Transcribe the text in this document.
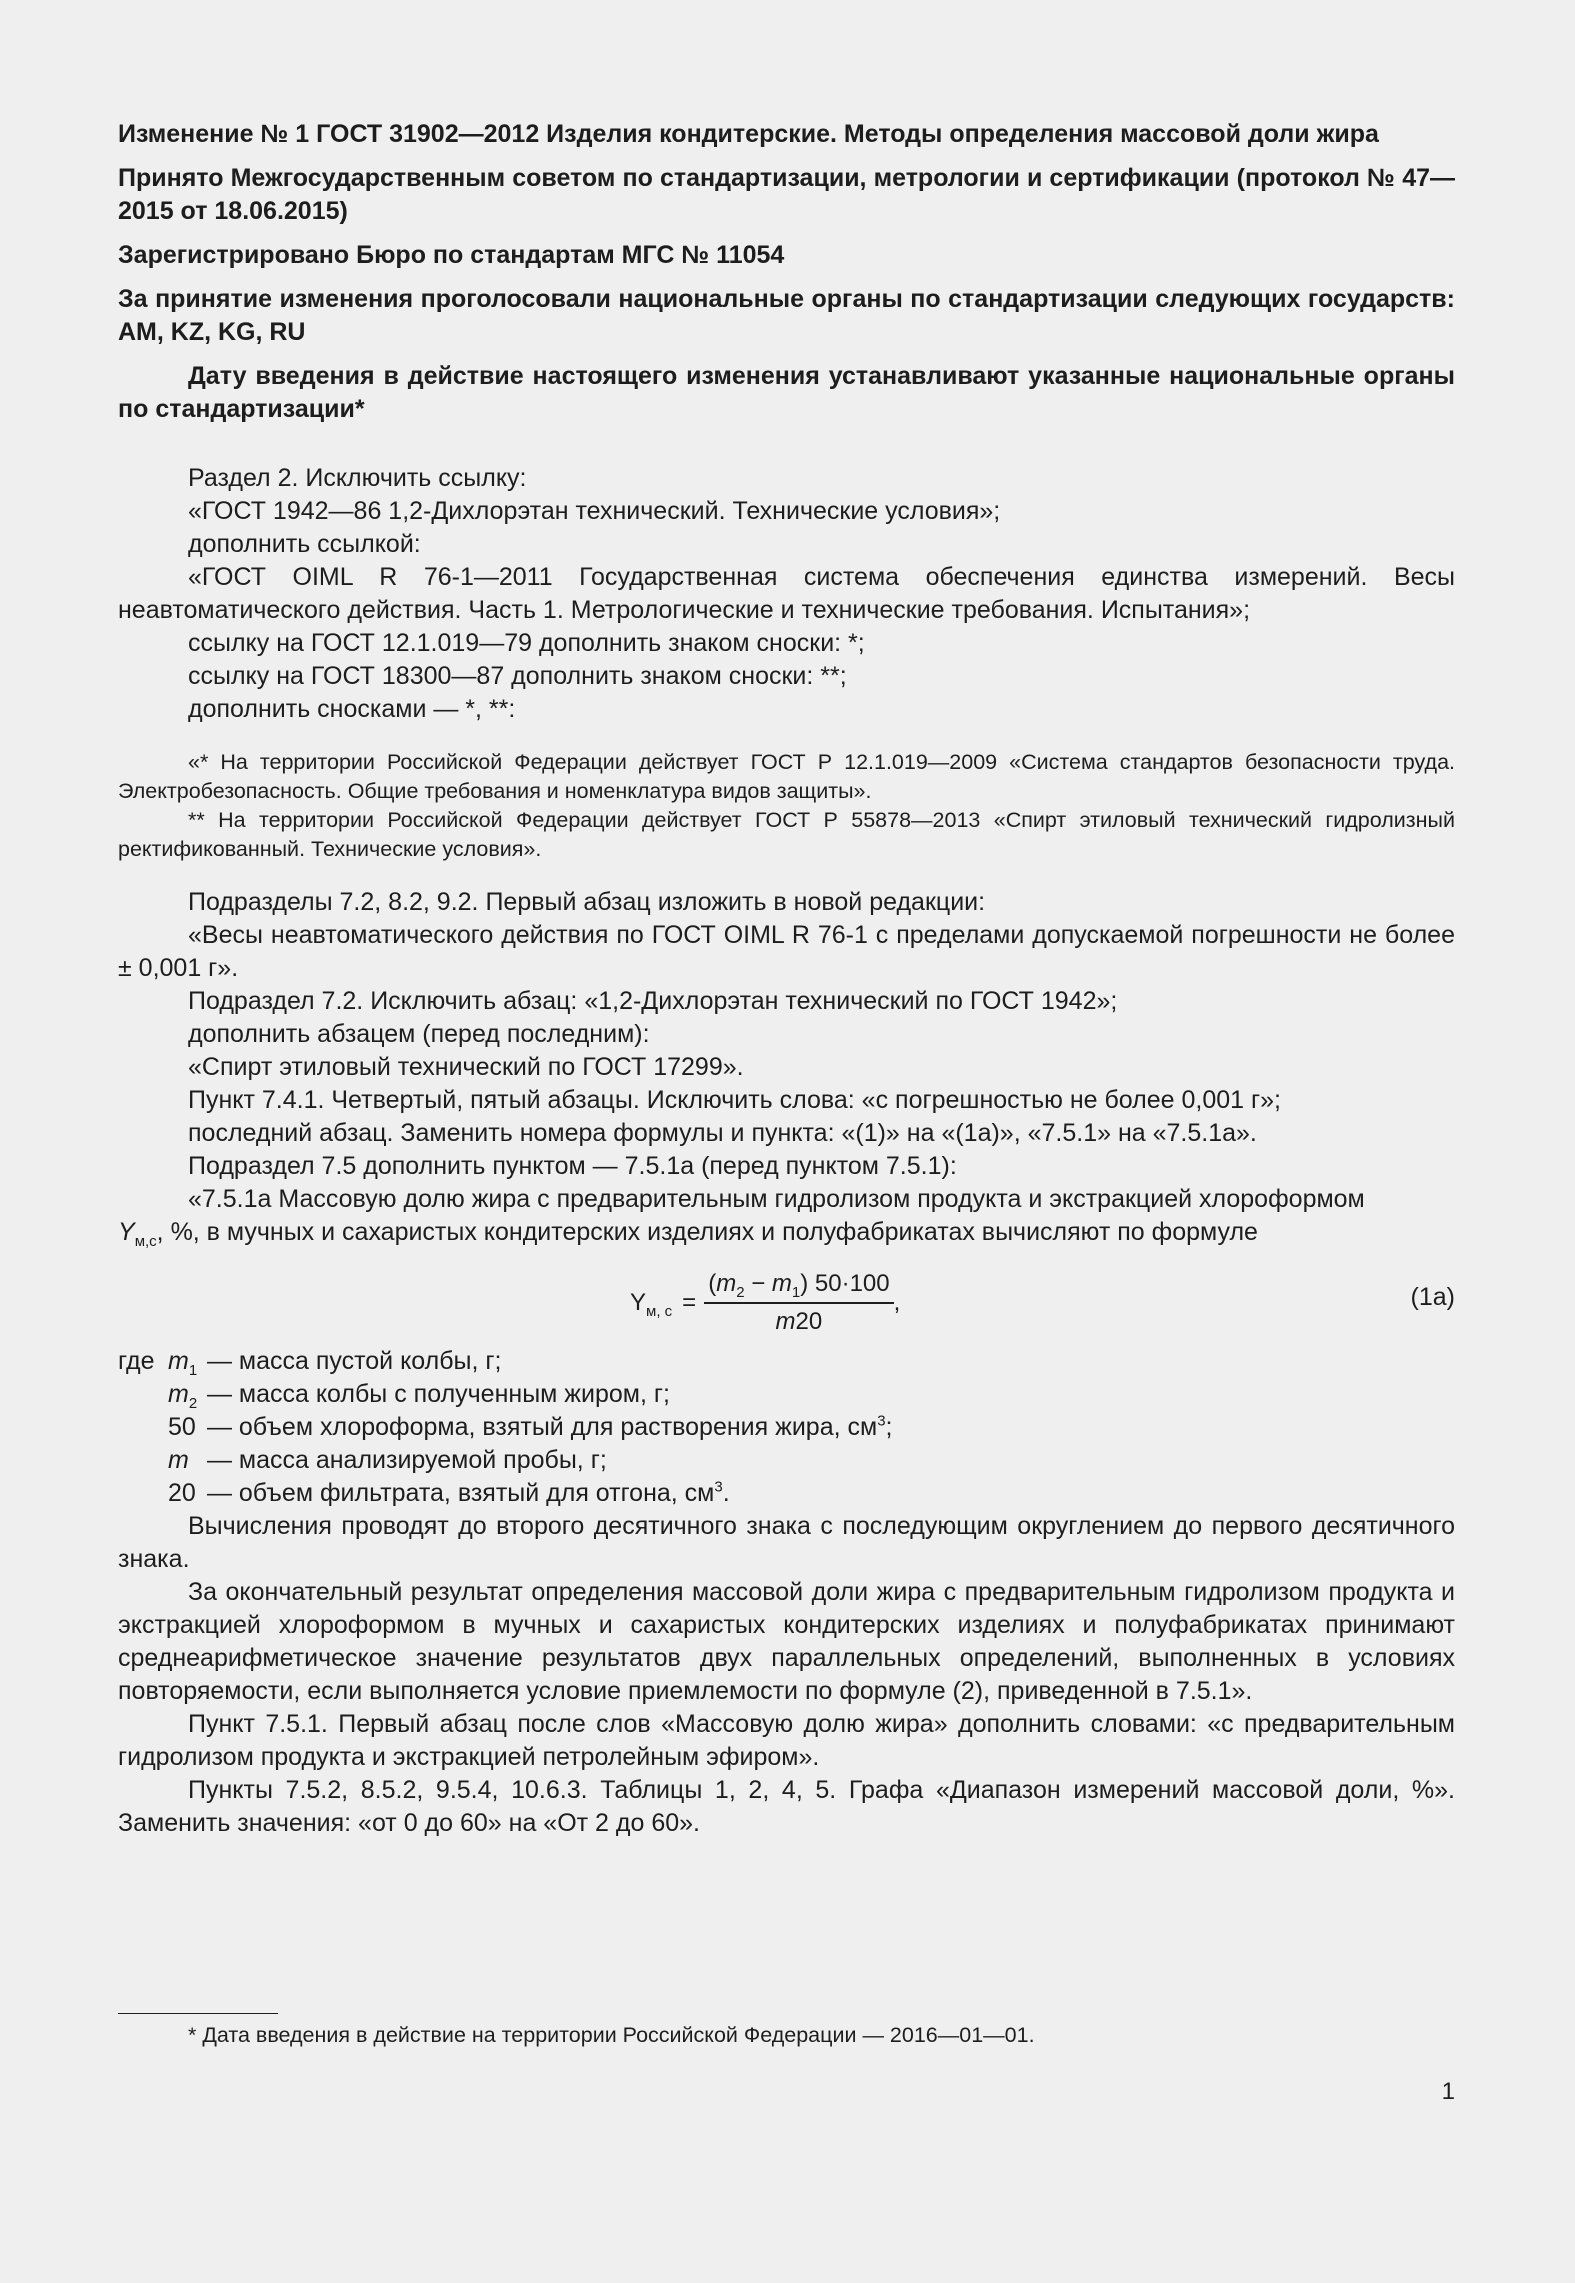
Изменение № 1 ГОСТ 31902—2012 Изделия кондитерские. Методы определения массовой доли жира

Принято Межгосударственным советом по стандартизации, метрологии и сертификации (протокол № 47—2015 от 18.06.2015)

Зарегистрировано Бюро по стандартам МГС № 11054

За принятие изменения проголосовали национальные органы по стандартизации следующих государств: AM, KZ, KG, RU

Дату введения в действие настоящего изменения устанавливают указанные национальные органы по стандартизации*

Раздел 2. Исключить ссылку:

«ГОСТ 1942—86 1,2-Дихлорэтан технический. Технические условия»;

дополнить ссылкой:

«ГОСТ OIML R 76-1—2011 Государственная система обеспечения единства измерений. Весы неавтоматического действия. Часть 1. Метрологические и технические требования. Испытания»;

ссылку на ГОСТ 12.1.019—79 дополнить знаком сноски: *;

ссылку на ГОСТ 18300—87 дополнить знаком сноски: **;

дополнить сносками — *, **:

«* На территории Российской Федерации действует ГОСТ Р 12.1.019—2009 «Система стандартов безопасности труда. Электробезопасность. Общие требования и номенклатура видов защиты».

** На территории Российской Федерации действует ГОСТ Р 55878—2013 «Спирт этиловый технический гидролизный ректификованный. Технические условия».

Подразделы 7.2, 8.2, 9.2. Первый абзац изложить в новой редакции:

«Весы неавтоматического действия по ГОСТ OIML R 76-1 с пределами допускаемой погрешности не более ± 0,001 г».

Подраздел 7.2. Исключить абзац: «1,2-Дихлорэтан технический по ГОСТ 1942»;

дополнить абзацем (перед последним):

«Спирт этиловый технический по ГОСТ 17299».

Пункт 7.4.1. Четвертый, пятый абзацы. Исключить слова: «с погрешностью не более 0,001 г»;

последний абзац. Заменить номера формулы и пункта: «(1)» на «(1а)», «7.5.1» на «7.5.1а».

Подраздел 7.5 дополнить пунктом — 7.5.1а (перед пунктом 7.5.1):

«7.5.1а Массовую долю жира с предварительным гидролизом продукта и экстракцией хлороформом

$Y_{м,с}$, %, в мучных и сахаристых кондитерских изделиях и полуфабрикатах вычисляют по формуле

$Y_{м, с} = \frac{(m_2 - m_1) 50\cdot 100}{m20}$ ,	(1а)
где $m_1$ — масса пустой колбы, г;
$m_2$ — масса колбы с полученным жиром, г;
50 — объем хлороформа, взятый для растворения жира, $см^3$;
m — масса анализируемой пробы, г;
20 — объем фильтрата, взятый для отгона, $см^3$.

Вычисления проводят до второго десятичного знака с последующим округлением до первого десятичного знака.

За окончательный результат определения массовой доли жира с предварительным гидролизом продукта и экстракцией хлороформом в мучных и сахаристых кондитерских изделиях и полуфабрикатах принимают среднеарифметическое значение результатов двух параллельных определений, выполненных в условиях повторяемости, если выполняется условие приемлемости по формуле (2), приведенной в 7.5.1».

Пункт 7.5.1. Первый абзац после слов «Массовую долю жира» дополнить словами: «с предварительным гидролизом продукта и экстракцией петролейным эфиром».

Пункты 7.5.2, 8.5.2, 9.5.4, 10.6.3. Таблицы 1, 2, 4, 5. Графа «Диапазон измерений массовой доли, %». Заменить значения: «от 0 до 60» на «От 2 до 60».

* Дата введения в действие на территории Российской Федерации — 2016—01—01.
1
